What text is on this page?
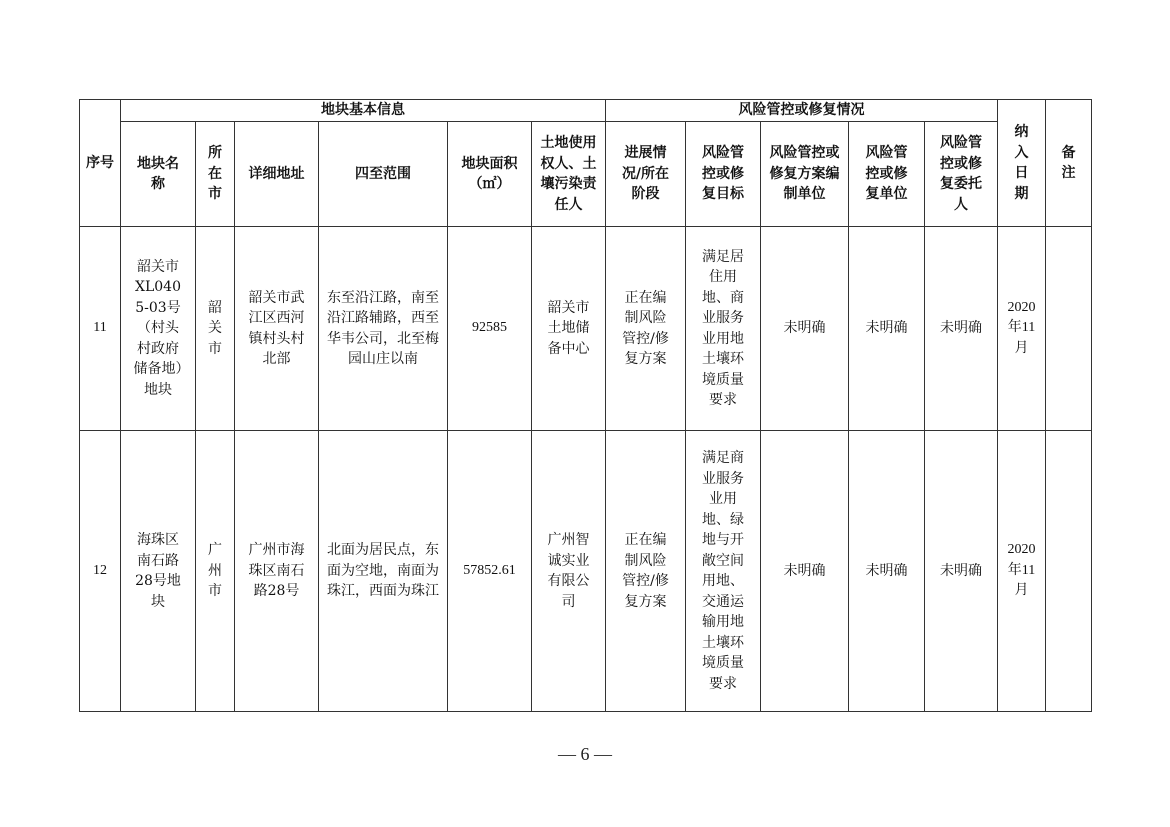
序号	地块基本信息						风险管控或修复情况					纳入日期	备注
	地块名称	所在市	详细地址	四至范围	地块面积（㎡）	土地使用权人、土壤污染责任人	进展情况/所在阶段	风险管控或修复目标	风险管控或修复方案编制单位	风险管控或修复单位	风险管控或修复委托人		
11	韶关市XL0405-03号（村头村政府储备地）地块	韶关市	韶关市武江区西河镇村头村北部	东至沿江路，南至沿江路辅路，西至华韦公司，北至梅园山庄以南	92585	韶关市土地储备中心	正在编制风险管控/修复方案	满足居住用地、商业服务业用地土壤环境质量要求	未明确	未明确	未明确	2020年11月	
12	海珠区南石路28号地块	广州市	广州市海珠区南石路28号	北面为居民点，东面为空地，南面为珠江，西面为珠江	57852.61	广州智诚实业有限公司	正在编制风险管控/修复方案	满足商业服务业用地、绿地与开敞空间用地、交通运输用地土壤环境质量要求	未明确	未明确	未明确	2020年11月	
— 6 —
